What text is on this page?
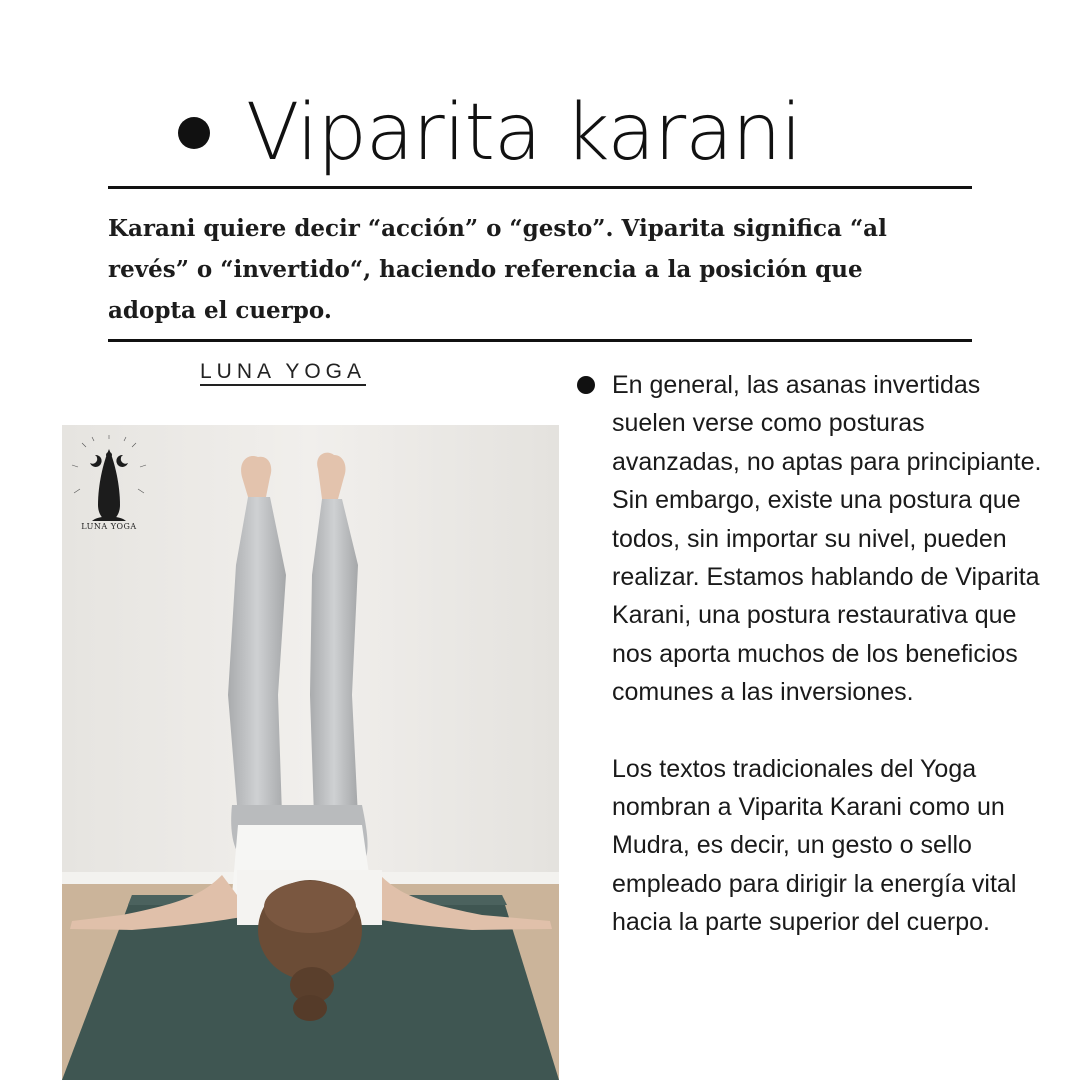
Viparita karani

Karani quiere decir “acción” o “gesto”. Viparita significa “al revés” o “invertido“, haciendo referencia a la posición que adopta el cuerpo.

LUNA YOGA
LUNA YOGA

En general, las asanas invertidas suelen verse como posturas avanzadas, no aptas para principiante. Sin embargo, existe una postura que todos, sin importar su nivel, pueden realizar. Estamos hablando de Viparita Karani, una postura restaurativa que nos aporta muchos de los beneficios comunes a las inversiones.

Los textos tradicionales del Yoga nombran a Viparita Karani como un Mudra, es decir, un gesto o sello empleado para dirigir la energía vital hacia la parte superior del cuerpo.
